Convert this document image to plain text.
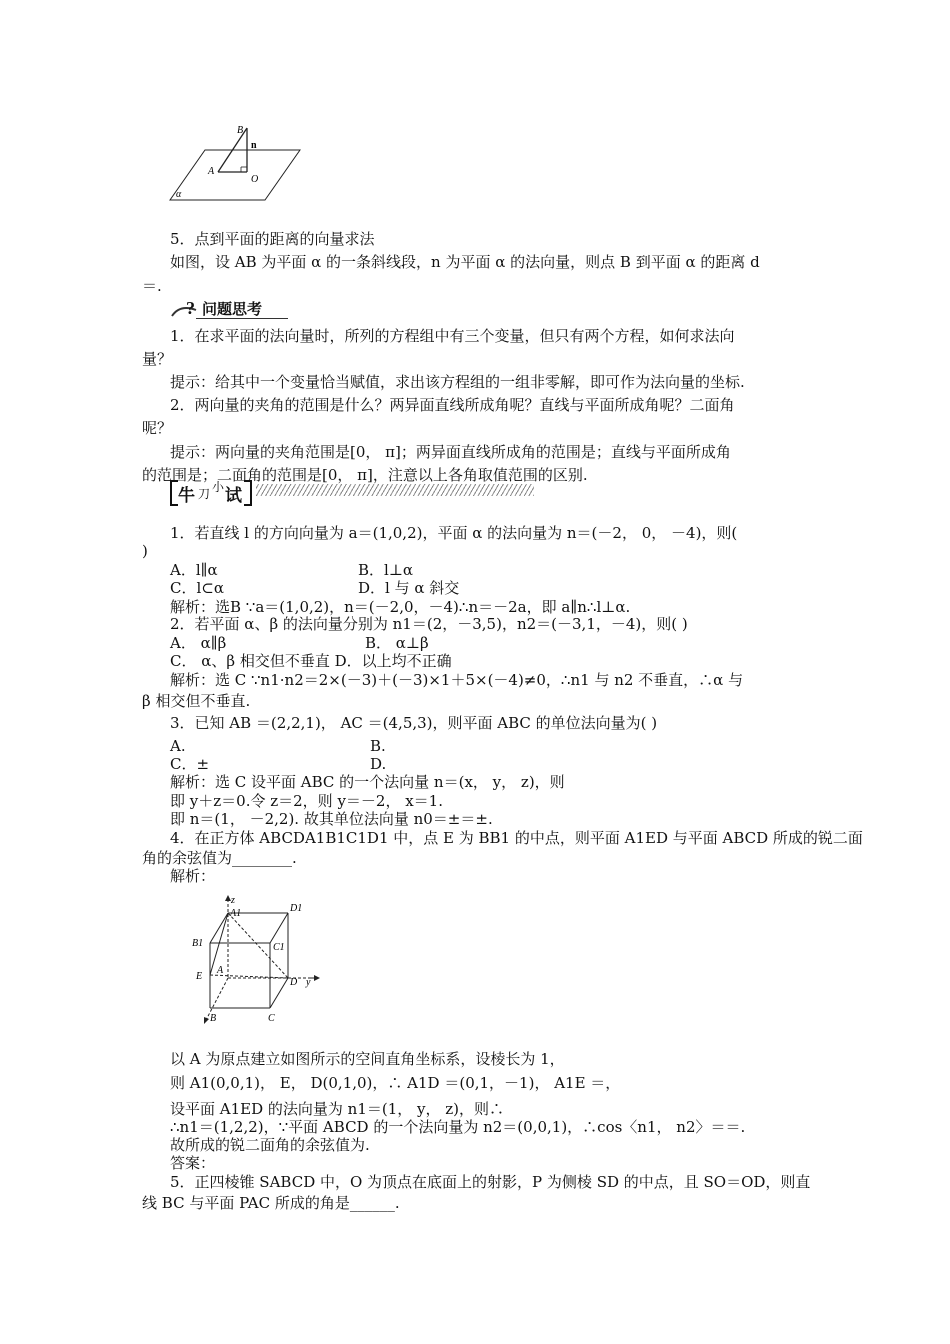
B
n
A
O
α
5．点到平面的距离的向量求法
如图，设 AB 为平面 α 的一条斜线段，n 为平面 α 的法向量，则点 B 到平面 α 的距离 d
＝.
? 问题思考
1．在求平面的法向量时，所列的方程组中有三个变量，但只有两个方程，如何求法向
量？
提示：给其中一个变量恰当赋值，求出该方程组的一组非零解，即可作为法向量的坐标.
2．两向量的夹角的范围是什么？两异面直线所成角呢？直线与平面所成角呢？二面角
呢？
提示：两向量的夹角范围是[0， π]；两异面直线所成角的范围是；直线与平面所成角
的范围是；二面角的范围是[0， π]，注意以上各角取值范围的区别.
牛 刀 小 试
1．若直线 l 的方向向量为 a＝(1,0,2)，平面 α 的法向量为 n＝(－2， 0， －4)，则(
)
A．l∥α	B．l⊥α
C．l⊂α	D．l 与 α 斜交
解析：选B ∵a＝(1,0,2)，n＝(－2,0，－4)∴n＝－2a，即 a∥n∴l⊥α.
2．若平面 α、β 的法向量分别为 n1＝(2，－3,5)，n2＝(－3,1，－4)，则( )
A． α∥β	B． α⊥β
C． α、β 相交但不垂直 D．以上均不正确
解析：选 C ∵n1·n2＝2×(－3)＋(－3)×1＋5×(－4)≠0，∴n1 与 n2 不垂直，∴α 与
β 相交但不垂直.
3．已知 AB ＝(2,2,1)， AC ＝(4,5,3)，则平面 ABC 的单位法向量为( )
A.	B.
C．±	D.
解析：选 C 设平面 ABC 的一个法向量 n＝(x， y， z)，则
即 y＋z＝0.令 z＝2，则 y＝－2， x＝1.
即 n＝(1， －2,2). 故其单位法向量 n0＝±＝±.
4．在正方体 ABCDA1B1C1D1 中，点 E 为 BB1 的中点，则平面 A1ED 与平面 ABCD 所成的锐二面
角的余弦值为________.
解析：
z
A1	D1
B1	C1
A
E
D y
B	C
以 A 为原点建立如图所示的空间直角坐标系，设棱长为 1，
则 A1(0,0,1)， E， D(0,1,0)，∴ A1D ＝(0,1，－1)， A1E ＝，
设平面 A1ED 的法向量为 n1＝(1， y， z)，则∴
∴n1＝(1,2,2)，∵平面 ABCD 的一个法向量为 n2＝(0,0,1)，∴cos〈n1， n2〉＝＝.
故所成的锐二面角的余弦值为.
答案：
5．正四棱锥 SABCD 中，O 为顶点在底面上的射影，P 为侧棱 SD 的中点，且 SO＝OD，则直
线 BC 与平面 PAC 所成的角是______.
